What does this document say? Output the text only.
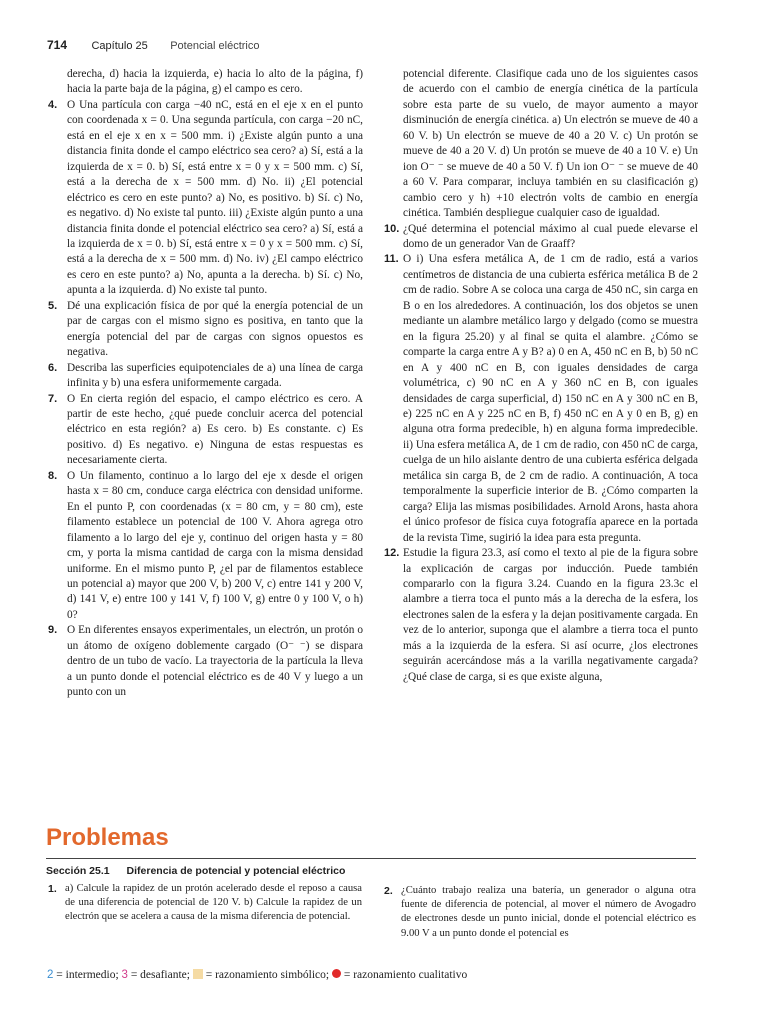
714 Capítulo 25 Potencial eléctrico
derecha, d) hacia la izquierda, e) hacia lo alto de la página, f) hacia la parte baja de la página, g) el campo es cero.
4. O Una partícula con carga −40 nC, está en el eje x en el punto con coordenada x = 0. Una segunda partícula, con carga −20 nC, está en el eje x en x = 500 mm. i) ¿Existe algún punto a una distancia finita donde el campo eléctrico sea cero? a) Sí, está a la izquierda de x = 0. b) Sí, está entre x = 0 y x = 500 mm. c) Sí, está a la derecha de x = 500 mm. d) No. ii) ¿El potencial eléctrico es cero en este punto? a) No, es positivo. b) Sí. c) No, es negativo. d) No existe tal punto. iii) ¿Existe algún punto a una distancia finita donde el potencial eléctrico sea cero? a) Sí, está a la izquierda de x = 0. b) Sí, está entre x = 0 y x = 500 mm. c) Sí, está a la derecha de x = 500 mm. d) No. iv) ¿El campo eléctrico es cero en este punto? a) No, apunta a la derecha. b) Sí. c) No, apunta a la izquierda. d) No existe tal punto.
5. Dé una explicación física de por qué la energía potencial de un par de cargas con el mismo signo es positiva, en tanto que la energía potencial del par de cargas con signos opuestos es negativa.
6. Describa las superficies equipotenciales de a) una línea de carga infinita y b) una esfera uniformemente cargada.
7. O En cierta región del espacio, el campo eléctrico es cero. A partir de este hecho, ¿qué puede concluir acerca del potencial eléctrico en esta región? a) Es cero. b) Es constante. c) Es positivo. d) Es negativo. e) Ninguna de estas respuestas es necesariamente cierta.
8. O Un filamento, continuo a lo largo del eje x desde el origen hasta x = 80 cm, conduce carga eléctrica con densidad uniforme. En el punto P, con coordenadas (x = 80 cm, y = 80 cm), este filamento establece un potencial de 100 V. Ahora agrega otro filamento a lo largo del eje y, continuo del origen hasta y = 80 cm, y porta la misma cantidad de carga con la misma densidad uniforme. En el mismo punto P, ¿el par de filamentos establece un potencial a) mayor que 200 V, b) 200 V, c) entre 141 y 200 V, d) 141 V, e) entre 100 y 141 V, f) 100 V, g) entre 0 y 100 V, o h) 0?
9. O En diferentes ensayos experimentales, un electrón, un protón o un átomo de oxígeno doblemente cargado (O⁻ ⁻) se dispara dentro de un tubo de vacío. La trayectoria de la partícula la lleva a un punto donde el potencial eléctrico es de 40 V y luego a un punto con un
potencial diferente. Clasifique cada uno de los siguientes casos de acuerdo con el cambio de energía cinética de la partícula sobre esta parte de su vuelo, de mayor aumento a mayor disminución de energía cinética. a) Un electrón se mueve de 40 a 60 V. b) Un electrón se mueve de 40 a 20 V. c) Un protón se mueve de 40 a 20 V. d) Un protón se mueve de 40 a 10 V. e) Un ion O⁻ ⁻ se mueve de 40 a 50 V. f) Un ion O⁻ ⁻ se mueve de 40 a 60 V. Para comparar, incluya también en su clasificación g) cambio cero y h) +10 electrón volts de cambio en energía cinética. También despliegue cualquier caso de igualdad.
10. ¿Qué determina el potencial máximo al cual puede elevarse el domo de un generador Van de Graaff?
11. O i) Una esfera metálica A, de 1 cm de radio, está a varios centímetros de distancia de una cubierta esférica metálica B de 2 cm de radio. Sobre A se coloca una carga de 450 nC, sin carga en B o en los alrededores. A continuación, los dos objetos se unen mediante un alambre metálico largo y delgado (como se muestra en la figura 25.20) y al final se quita el alambre. ¿Cómo se comparte la carga entre A y B? a) 0 en A, 450 nC en B, b) 50 nC en A y 400 nC en B, con iguales densidades de carga volumétrica, c) 90 nC en A y 360 nC en B, con iguales densidades de carga superficial, d) 150 nC en A y 300 nC en B, e) 225 nC en A y 225 nC en B, f) 450 nC en A y 0 en B, g) en alguna otra forma predecible, h) en alguna forma impredecible. ii) Una esfera metálica A, de 1 cm de radio, con 450 nC de carga, cuelga de un hilo aislante dentro de una cubierta esférica delgada metálica sin carga B, de 2 cm de radio. A continuación, A toca temporalmente la superficie interior de B. ¿Cómo comparten la carga? Elija las mismas posibilidades. Arnold Arons, hasta ahora el único profesor de física cuya fotografía aparece en la portada de la revista Time, sugirió la idea para esta pregunta.
12. Estudie la figura 23.3, así como el texto al pie de la figura sobre la explicación de cargas por inducción. Puede también compararlo con la figura 3.24. Cuando en la figura 23.3c el alambre a tierra toca el punto más a la derecha de la esfera, los electrones salen de la esfera y la dejan positivamente cargada. En vez de lo anterior, suponga que el alambre a tierra toca el punto más a la izquierda de la esfera. Si así ocurre, ¿los electrones seguirán acercándose más a la varilla negativamente cargada? ¿Qué clase de carga, si es que existe alguna,
Problemas
Sección 25.1 Diferencia de potencial y potencial eléctrico
1. a) Calcule la rapidez de un protón acelerado desde el reposo a causa de una diferencia de potencial de 120 V. b) Calcule la rapidez de un electrón que se acelera a causa de la misma diferencia de potencial.
2. ¿Cuánto trabajo realiza una batería, un generador o alguna otra fuente de diferencia de potencial, al mover el número de Avogadro de electrones desde un punto inicial, donde el potencial eléctrico es 9.00 V a un punto donde el potencial es
2 = intermedio; 3 = desafiante; = razonamiento simbólico; = razonamiento cualitativo
